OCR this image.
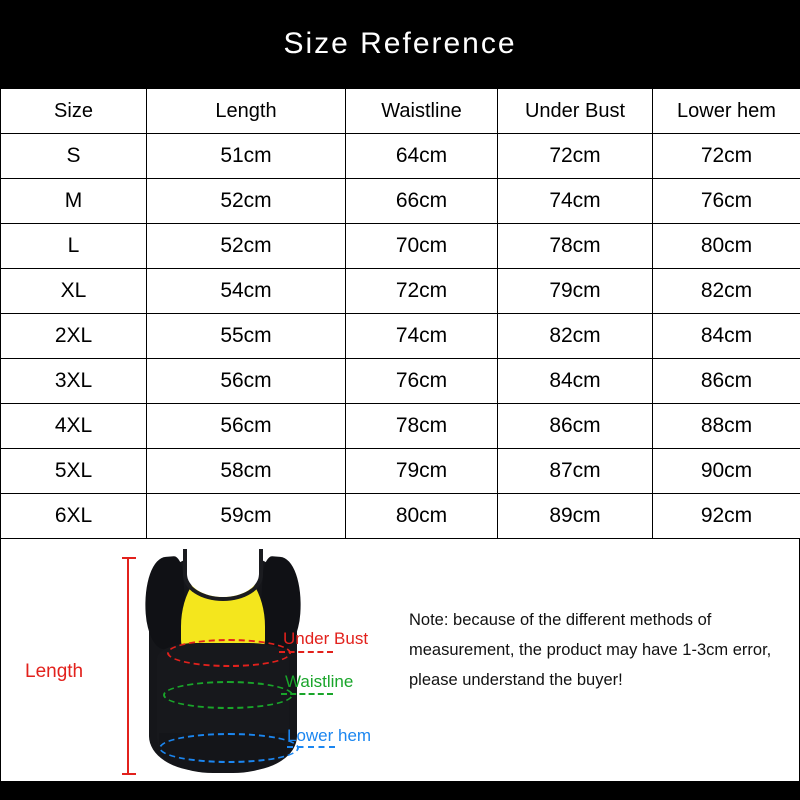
Size Reference
Size	Length	Waistline	Under Bust	Lower hem
S	51cm	64cm	72cm	72cm
M	52cm	66cm	74cm	76cm
L	52cm	70cm	78cm	80cm
XL	54cm	72cm	79cm	82cm
2XL	55cm	74cm	82cm	84cm
3XL	56cm	76cm	84cm	86cm
4XL	56cm	78cm	86cm	88cm
5XL	58cm	79cm	87cm	90cm
6XL	59cm	80cm	89cm	92cm
Under Bust
Waistline
Lower hem
Length
Note: because of the different methods of measurement, the product may have 1-3cm error, please understand the buyer!
